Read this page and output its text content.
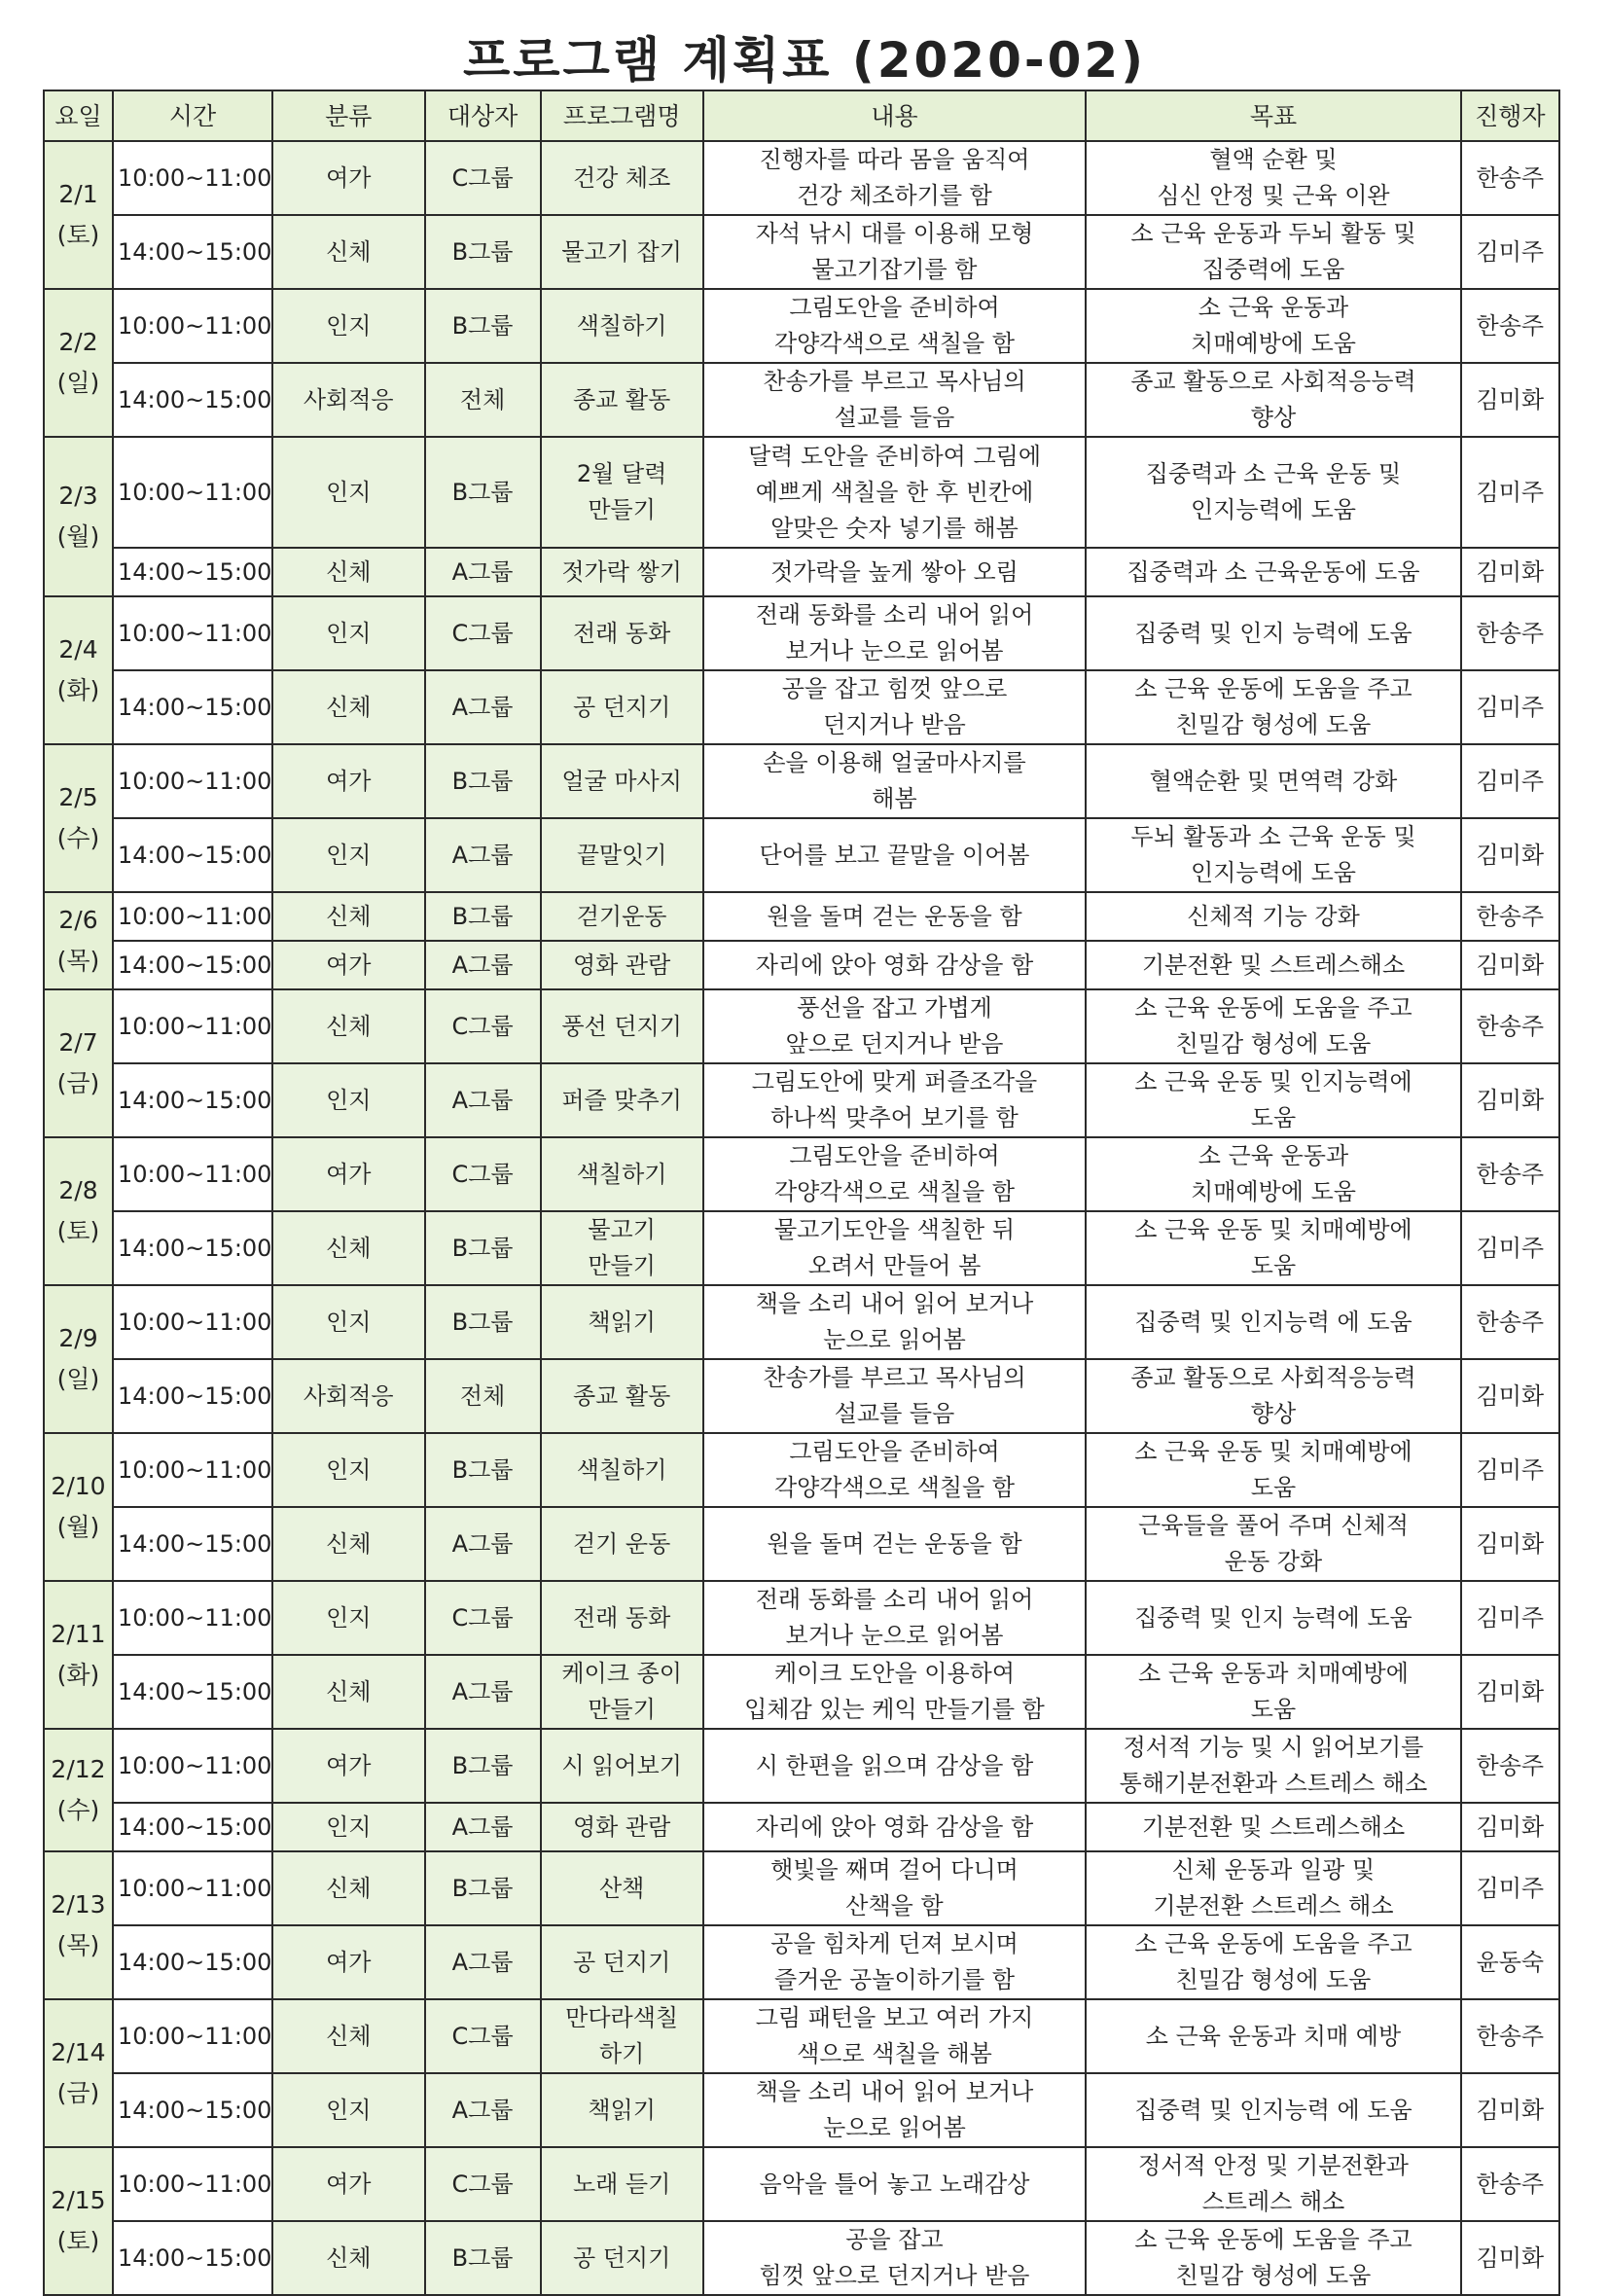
프로그램 계획표 (2020-02)
요일	시간	분류	대상자	프로그램명	내용	목표	진행자
2/1
(토)	10:00~11:00	여가	C그룹	건강 체조	진행자를 따라 몸을 움직여
건강 체조하기를 함	혈액 순환 및
심신 안정 및 근육 이완	한송주
	14:00~15:00	신체	B그룹	물고기 잡기	자석 낚시 대를 이용해 모형
물고기잡기를 함	소 근육 운동과 두뇌 활동 및
집중력에 도움	김미주
2/2
(일)	10:00~11:00	인지	B그룹	색칠하기	그림도안을 준비하여
각양각색으로 색칠을 함	소 근육 운동과
치매예방에 도움	한송주
	14:00~15:00	사회적응	전체	종교 활동	찬송가를 부르고 목사님의
설교를 들음	종교 활동으로 사회적응능력
향상	김미화
2/3
(월)	10:00~11:00	인지	B그룹	2월 달력
만들기	달력 도안을 준비하여 그림에
예쁘게 색칠을 한 후 빈칸에
알맞은 숫자 넣기를 해봄	집중력과 소 근육 운동 및
인지능력에 도움	김미주
	14:00~15:00	신체	A그룹	젓가락 쌓기	젓가락을 높게 쌓아 오림	집중력과 소 근육운동에 도움	김미화
2/4
(화)	10:00~11:00	인지	C그룹	전래 동화	전래 동화를 소리 내어 읽어
보거나 눈으로 읽어봄	집중력 및 인지 능력에 도움	한송주
	14:00~15:00	신체	A그룹	공 던지기	공을 잡고 힘껏 앞으로
던지거나 받음	소 근육 운동에 도움을 주고
친밀감 형성에 도움	김미주
2/5
(수)	10:00~11:00	여가	B그룹	얼굴 마사지	손을 이용해 얼굴마사지를
해봄	혈액순환 및 면역력 강화	김미주
	14:00~15:00	인지	A그룹	끝말잇기	단어를 보고 끝말을 이어봄	두뇌 활동과 소 근육 운동 및
인지능력에 도움	김미화
2/6
(목)	10:00~11:00	신체	B그룹	걷기운동	원을 돌며 걷는 운동을 함	신체적 기능 강화	한송주
	14:00~15:00	여가	A그룹	영화 관람	자리에 앉아 영화 감상을 함	기분전환 및 스트레스해소	김미화
2/7
(금)	10:00~11:00	신체	C그룹	풍선 던지기	풍선을 잡고 가볍게
앞으로 던지거나 받음	소 근육 운동에 도움을 주고
친밀감 형성에 도움	한송주
	14:00~15:00	인지	A그룹	퍼즐 맞추기	그림도안에 맞게 퍼즐조각을
하나씩 맞추어 보기를 함	소 근육 운동 및 인지능력에
도움	김미화
2/8
(토)	10:00~11:00	여가	C그룹	색칠하기	그림도안을 준비하여
각양각색으로 색칠을 함	소 근육 운동과
치매예방에 도움	한송주
	14:00~15:00	신체	B그룹	물고기
만들기	물고기도안을 색칠한 뒤
오려서 만들어 봄	소 근육 운동 및 치매예방에
도움	김미주
2/9
(일)	10:00~11:00	인지	B그룹	책읽기	책을 소리 내어 읽어 보거나
눈으로 읽어봄	집중력 및 인지능력 에 도움	한송주
	14:00~15:00	사회적응	전체	종교 활동	찬송가를 부르고 목사님의
설교를 들음	종교 활동으로 사회적응능력
향상	김미화
2/10
(월)	10:00~11:00	인지	B그룹	색칠하기	그림도안을 준비하여
각양각색으로 색칠을 함	소 근육 운동 및 치매예방에
도움	김미주
	14:00~15:00	신체	A그룹	걷기 운동	원을 돌며 걷는 운동을 함	근육들을 풀어 주며 신체적
운동 강화	김미화
2/11
(화)	10:00~11:00	인지	C그룹	전래 동화	전래 동화를 소리 내어 읽어
보거나 눈으로 읽어봄	집중력 및 인지 능력에 도움	김미주
	14:00~15:00	신체	A그룹	케이크 종이
만들기	케이크 도안을 이용하여
입체감 있는 케익 만들기를 함	소 근육 운동과 치매예방에
도움	김미화
2/12
(수)	10:00~11:00	여가	B그룹	시 읽어보기	시 한편을 읽으며 감상을 함	정서적 기능 및 시 읽어보기를
통해기분전환과 스트레스 해소	한송주
	14:00~15:00	인지	A그룹	영화 관람	자리에 앉아 영화 감상을 함	기분전환 및 스트레스해소	김미화
2/13
(목)	10:00~11:00	신체	B그룹	산책	햇빛을 째며 걸어 다니며
산책을 함	신체 운동과 일광 및
기분전환 스트레스 해소	김미주
	14:00~15:00	여가	A그룹	공 던지기	공을 힘차게 던져 보시며
즐거운 공놀이하기를 함	소 근육 운동에 도움을 주고
친밀감 형성에 도움	윤동숙
2/14
(금)	10:00~11:00	신체	C그룹	만다라색칠
하기	그림 패턴을 보고 여러 가지
색으로 색칠을 해봄	소 근육 운동과 치매 예방	한송주
	14:00~15:00	인지	A그룹	책읽기	책을 소리 내어 읽어 보거나
눈으로 읽어봄	집중력 및 인지능력 에 도움	김미화
2/15
(토)	10:00~11:00	여가	C그룹	노래 듣기	음악을 틀어 놓고 노래감상	정서적 안정 및 기분전환과
스트레스 해소	한송주
	14:00~15:00	신체	B그룹	공 던지기	공을 잡고
힘껏 앞으로 던지거나 받음	소 근육 운동에 도움을 주고
친밀감 형성에 도움	김미화
